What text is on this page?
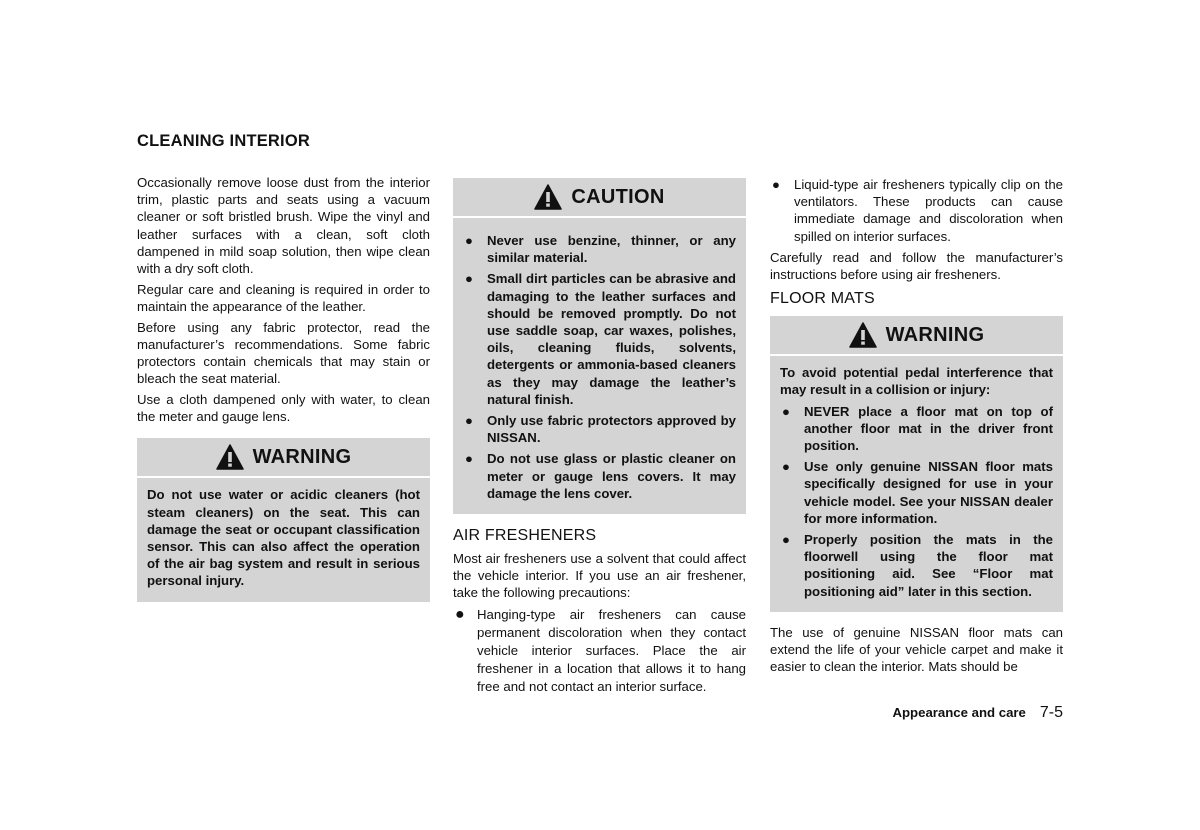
CLEANING INTERIOR

Occasionally remove loose dust from the interior trim, plastic parts and seats using a vacuum cleaner or soft bristled brush. Wipe the vinyl and leather surfaces with a clean, soft cloth dampened in mild soap solution, then wipe clean with a dry soft cloth.

Regular care and cleaning is required in order to maintain the appearance of the leather.

Before using any fabric protector, read the manufacturer’s recommendations. Some fabric protectors contain chemicals that may stain or bleach the seat material.

Use a cloth dampened only with water, to clean the meter and gauge lens.

WARNING

Do not use water or acidic cleaners (hot steam cleaners) on the seat. This can damage the seat or occupant classification sensor. This can also affect the operation of the air bag system and result in serious personal injury.

CAUTION
● Never use benzine, thinner, or any similar material.
● Small dirt particles can be abrasive and damaging to the leather surfaces and should be removed promptly. Do not use saddle soap, car waxes, polishes, oils, cleaning fluids, solvents, detergents or ammonia-based cleaners as they may damage the leather’s natural finish.
● Only use fabric protectors approved by NISSAN.
● Do not use glass or plastic cleaner on meter or gauge lens covers. It may damage the lens cover.
AIR FRESHENERS

Most air fresheners use a solvent that could affect the vehicle interior. If you use an air freshener, take the following precautions:

● Hanging-type air fresheners can cause permanent discoloration when they contact vehicle interior surfaces. Place the air freshener in a location that allows it to hang free and not contact an interior surface.
● Liquid-type air fresheners typically clip on the ventilators. These products can cause immediate damage and discoloration when spilled on interior surfaces.

Carefully read and follow the manufacturer’s instructions before using air fresheners.

FLOOR MATS
WARNING

To avoid potential pedal interference that may result in a collision or injury:

● NEVER place a floor mat on top of another floor mat in the driver front position.
● Use only genuine NISSAN floor mats specifically designed for use in your vehicle model. See your NISSAN dealer for more information.
● Properly position the mats in the floorwell using the floor mat positioning aid. See “Floor mat positioning aid” later in this section.

The use of genuine NISSAN floor mats can extend the life of your vehicle carpet and make it easier to clean the interior. Mats should be

Appearance and care 7-5
